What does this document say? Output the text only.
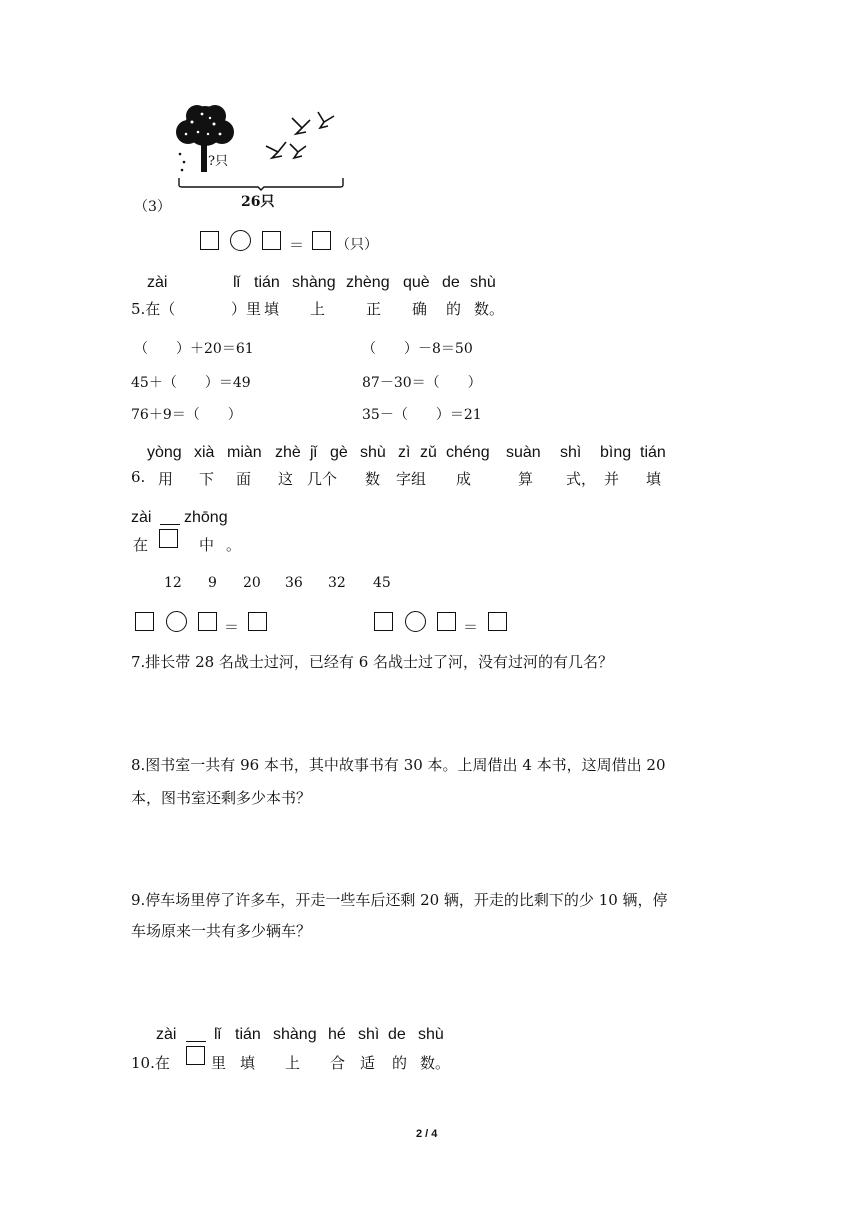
?只
26只
（3）
＝ （只）
zài	lǐ tián shàng zhèng què de shù
5.在（	）里 填 上	正 确 的 数。
（　　）＋20＝61	（　　）－8＝50
45＋（　　）＝49	87－30＝（　　）
76＋9＝（　　）	35－（　　）＝21
yòng xià miàn zhè jǐ gè shù zì zǔ chéng suàn shì bìng tián
6. 用 下 面 这 几个 数 字组 成	算 式， 并 填
zài zhōng
在	中 。
12 9 20 36 32 45
＝	＝
7.排长带 28 名战士过河，已经有 6 名战士过了河，没有过河的有几名？
8.图书室一共有 96 本书，其中故事书有 30 本。上周借出 4 本书，这周借出 20
本，图书室还剩多少本书？
9.停车场里停了许多车，开走一些车后还剩 20 辆，开走的比剩下的少 10 辆，停
车场原来一共有多少辆车？
zài lǐ tián shàng hé shì de shù
10.在	里 填 上 合 适 的 数。
2 / 4
